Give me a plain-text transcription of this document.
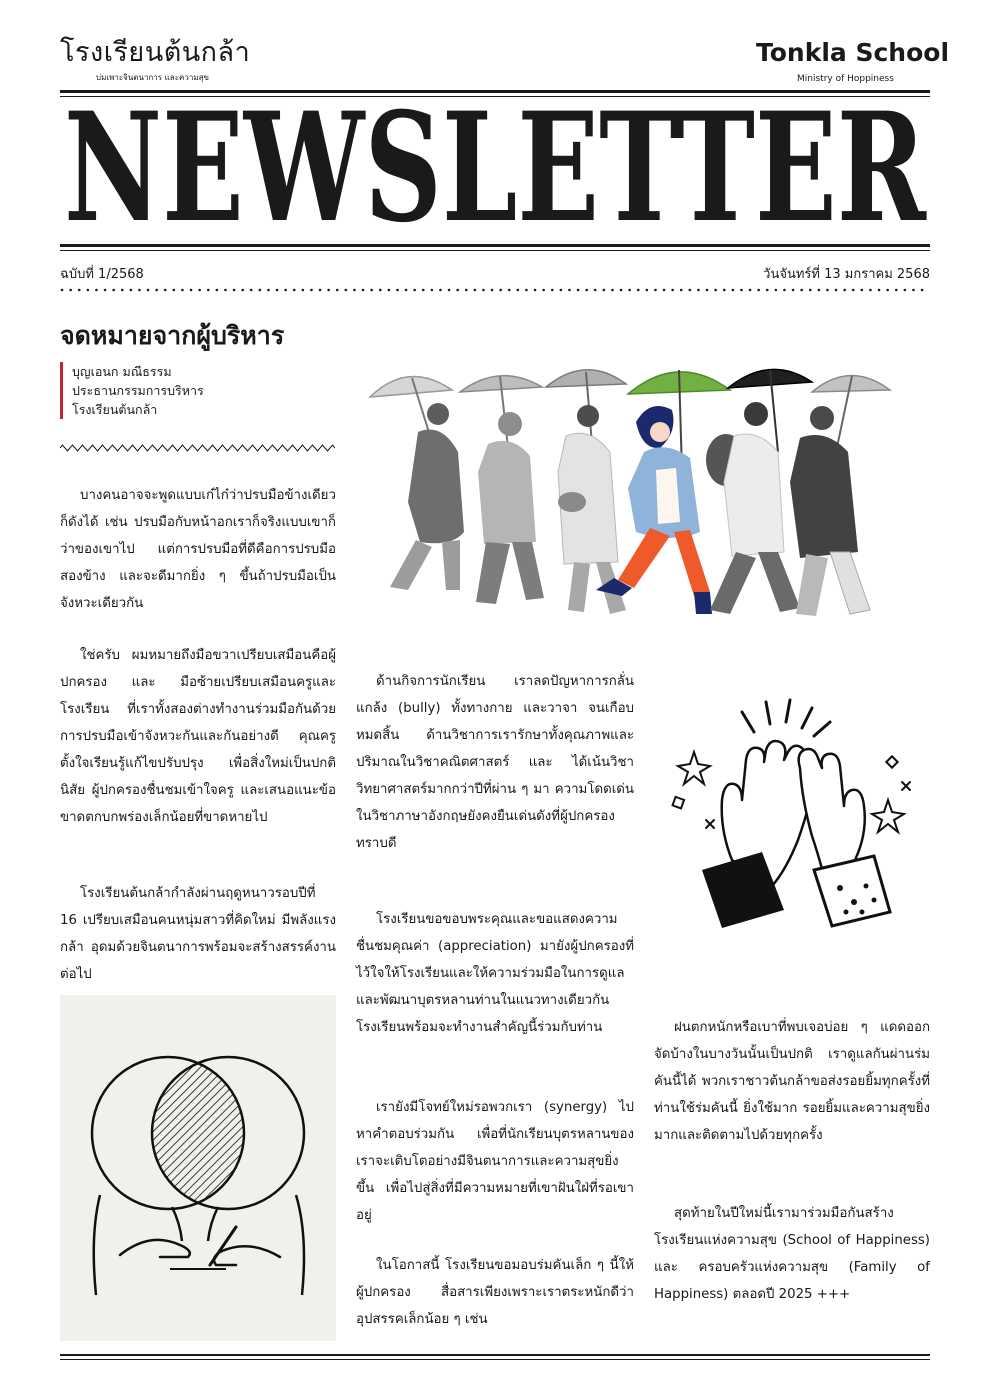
โรงเรียนต้นกล้า
บ่มเพาะจินตนาการ และความสุข
Tonkla School
Ministry of Hoppiness
NEWSLETTER
ฉบับที่ 1/2568	วันจันทร์ที่ 13 มกราคม 2568
จดหมายจากผู้บริหาร
บุญเอนก มณีธรรม
ประธานกรรมการบริหาร
โรงเรียนต้นกล้า

บางคนอาจจะพูดแบบเก๋ไก๋ว่าปรบมือข้างเดียวก็ดังได้ เช่น ปรบมือกับหน้าอกเราก็จริงแบบเขาก็ว่าของเขาไป แต่การปรบมือที่ดีคือการปรบมือสองข้าง และจะดีมากยิ่ง ๆ ขึ้นถ้าปรบมือเป็นจังหวะเดียวกัน

ใช่ครับ ผมหมายถึงมือขวาเปรียบเสมือนคือผู้ปกครอง และ มือซ้ายเปรียบเสมือนครูและโรงเรียน ที่เราทั้งสองต่างทำงานร่วมมือกันด้วยการปรบมือเข้าจังหวะกันและกันอย่างดี คุณครูตั้งใจเรียนรู้แก้ไขปรับปรุง เพื่อสิ่งใหม่เป็นปกตินิสัย ผู้ปกครองชื่นชมเข้าใจครู และเสนอแนะข้อขาดตกบกพร่องเล็กน้อยที่ขาดหายไป

โรงเรียนต้นกล้ากำลังผ่านฤดูหนาวรอบปีที่ 16 เปรียบเสมือนคนหนุ่มสาวที่คิดใหม่ มีพลังแรงกล้า อุดมด้วยจินตนาการพร้อมจะสร้างสรรค์งานต่อไป

ด้านกิจการนักเรียน เราลดปัญหาการกลั่นแกล้ง (bully) ทั้งทางกาย และวาจา จนเกือบหมดสิ้น ด้านวิชาการเรารักษาทั้งคุณภาพและ ปริมาณในวิชาคณิตศาสตร์ และ ได้เน้นวิชาวิทยาศาสตร์มากกว่าปีที่ผ่าน ๆ มา ความโดดเด่นในวิชาภาษาอังกฤษยังคงยืนเด่นดังที่ผู้ปกครองทราบดี

โรงเรียนขอขอบพระคุณและขอแสดงความชื่นชมคุณค่า (appreciation) มายังผู้ปกครองที่ไว้ใจให้โรงเรียนและให้ความร่วมมือในการดูแล และพัฒนาบุตรหลานท่านในแนวทางเดียวกัน โรงเรียนพร้อมจะทำงานสำคัญนี้ร่วมกับท่าน

เรายังมีโจทย์ใหม่รอพวกเรา (synergy) ไปหาคำตอบร่วมกัน เพื่อที่นักเรียนบุตรหลานของเราจะเติบโตอย่างมีจินตนาการและความสุขยิ่งขึ้น เพื่อไปสู่สิ่งที่มีความหมายที่เขาฝันใฝ่ที่รอเขาอยู่

ในโอกาสนี้ โรงเรียนขอมอบร่มคันเล็ก ๆ นี้ให้ผู้ปกครอง สื่อสารเพียงเพราะเราตระหนักดีว่า อุปสรรคเล็กน้อย ๆ เช่น

ฝนตกหนักหรือเบาที่พบเจอบ่อย ๆ แดดออกจัดบ้างในบางวันนั้นเป็นปกติ เราดูแลกันผ่านร่มคันนี้ได้ พวกเราชาวต้นกล้าขอส่งรอยยิ้มทุกครั้งที่ท่านใช้ร่มคันนี้ ยิ่งใช้มาก รอยยิ้มและความสุขยิ่งมากและติดตามไปด้วยทุกครั้ง

สุดท้ายในปีใหม่นี้เรามาร่วมมือกันสร้างโรงเรียนแห่งความสุข (School of Happiness) และ ครอบครัวแห่งความสุข (Family of Happiness) ตลอดปี 2025 +++
